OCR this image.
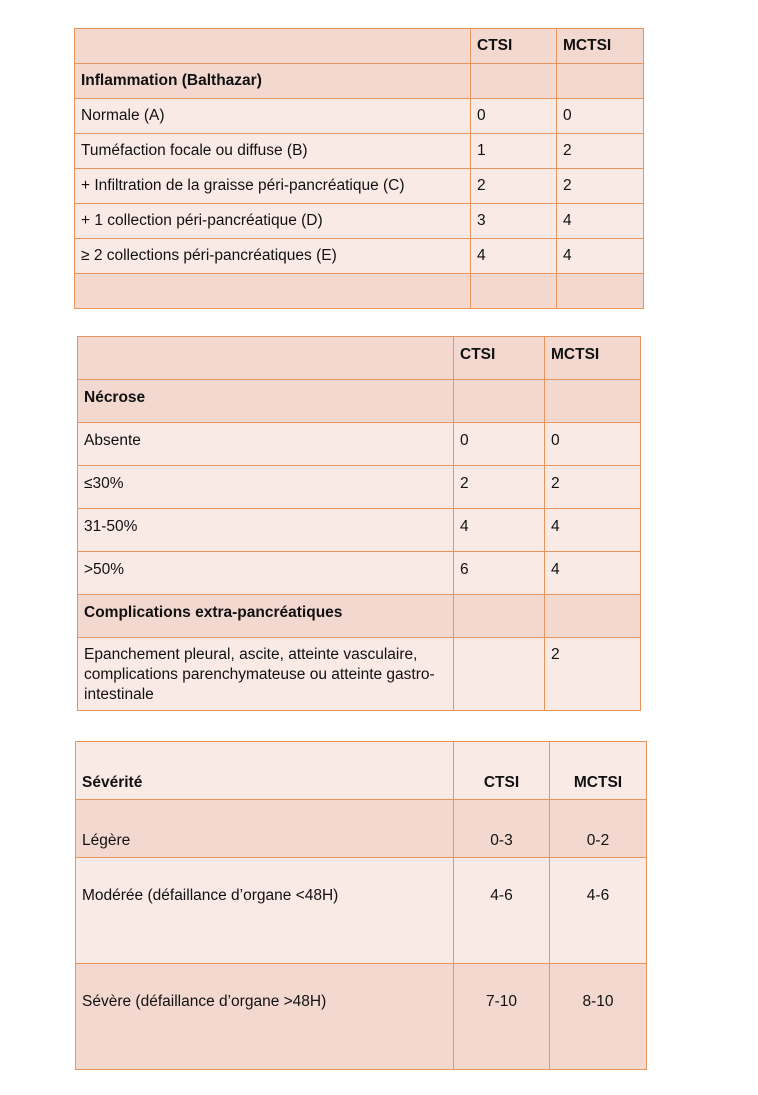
	CTSI	MCTSI
Inflammation (Balthazar)		
Normale (A)	0	0
Tuméfaction focale ou diffuse (B)	1	2
+ Infiltration de la graisse péri-pancréatique (C)	2	2
+ 1 collection péri-pancréatique (D)	3	4
≥ 2 collections péri-pancréatiques (E)	4	4

	CTSI	MCTSI
Nécrose		
Absente	0	0
≤30%	2	2
31-50%	4	4
>50%	6	4
Complications extra-pancréatiques		
Epanchement pleural, ascite, atteinte vasculaire, complications parenchymateuse ou atteinte gastro-intestinale		2
Sévérité	CTSI	MCTSI
Légère	0-3	0-2
Modérée (défaillance d’organe <48H)	4-6	4-6
Sévère (défaillance d’organe >48H)	7-10	8-10
